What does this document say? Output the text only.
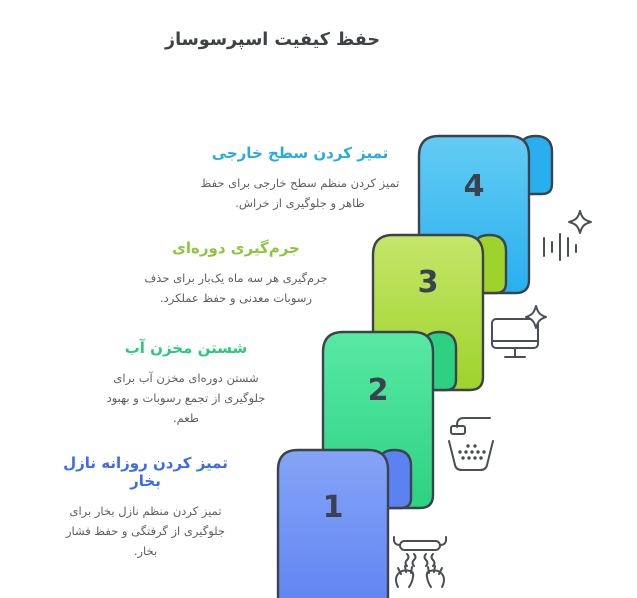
حفظ کیفیت اسپرسوساز
4
3
2
1
تمیز کردن سطح خارجی

تمیز کردن منظم سطح خارجی برای حفظ ظاهر و جلوگیری از خراش.

جرم‌گیری دوره‌ای

جرم‌گیری هر سه ماه یک‌بار برای حذف رسوبات معدنی و حفظ عملکرد.

شستن مخزن آب

شستن دوره‌ای مخزن آب برای جلوگیری از تجمع رسوبات و بهبود طعم.

تمیز کردن روزانه نازل بخار

تمیز کردن منظم نازل بخار برای جلوگیری از گرفتگی و حفظ فشار بخار.
